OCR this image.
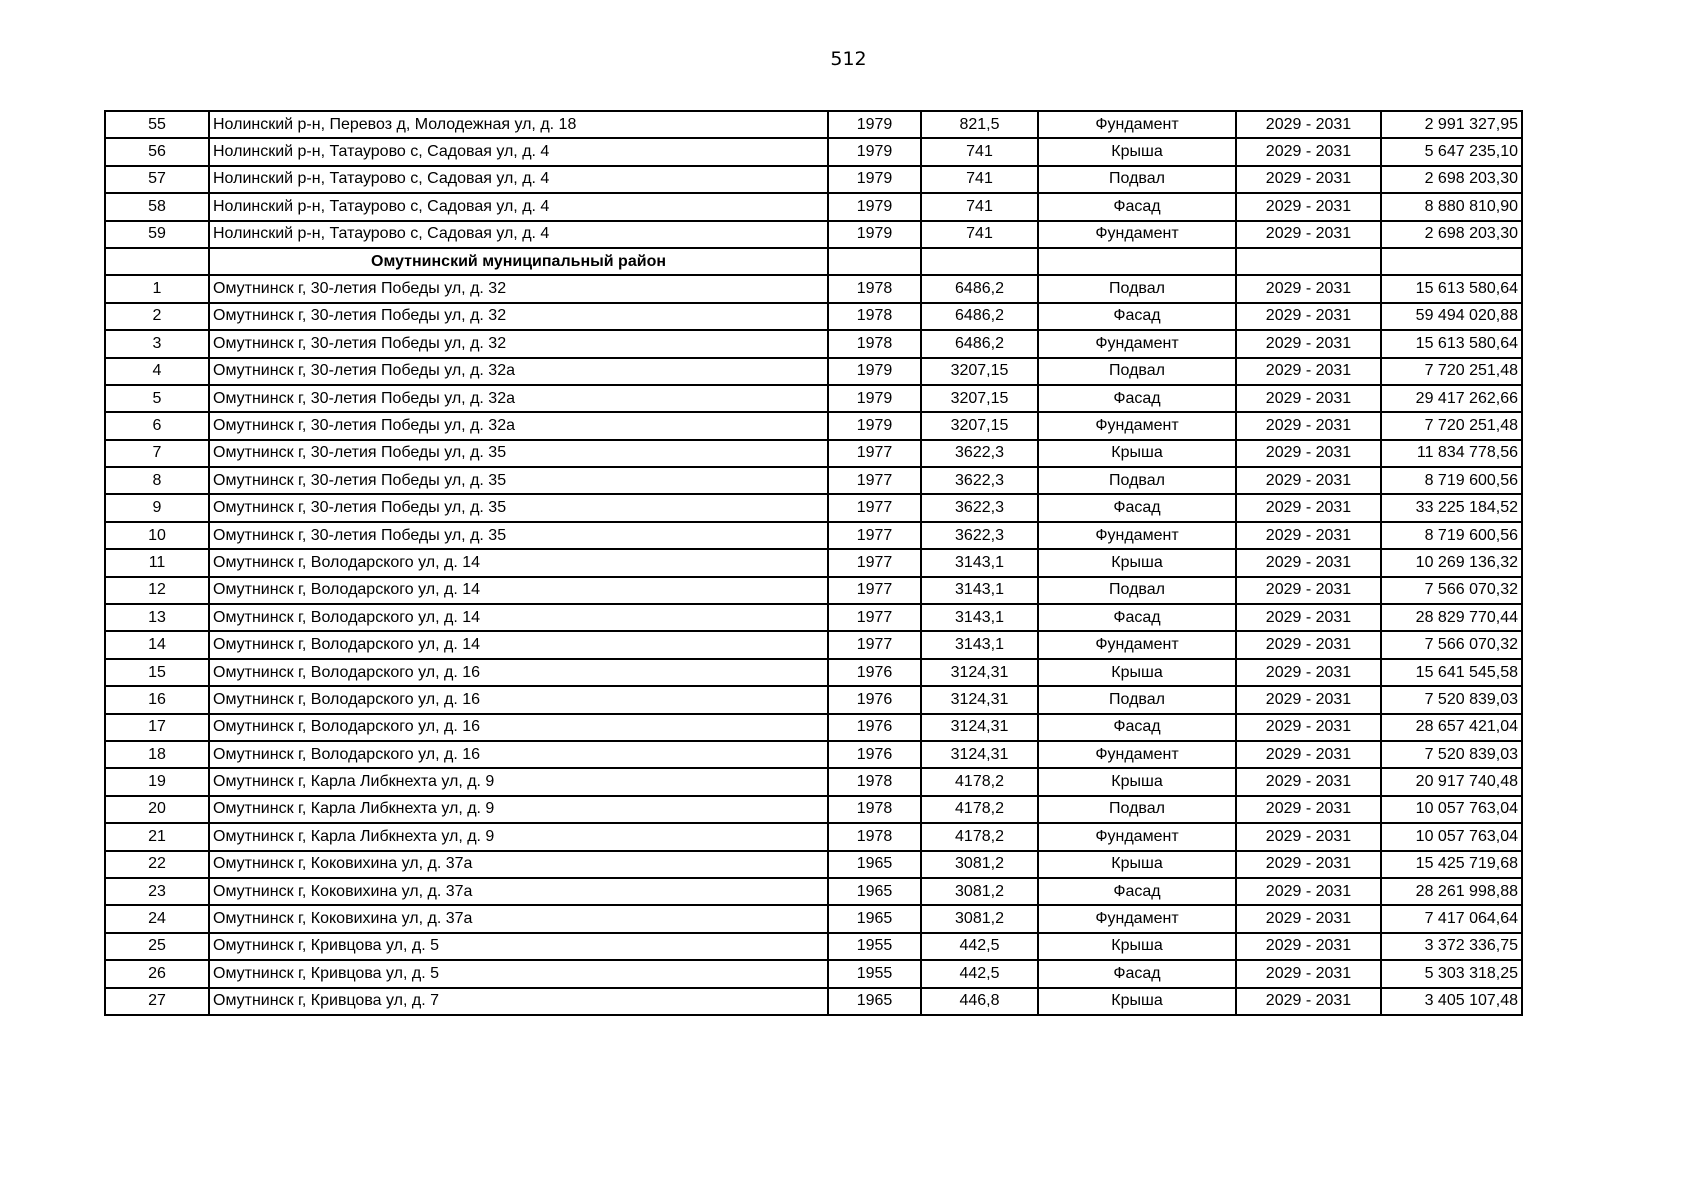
512
55	Нолинский р-н, Перевоз д, Молодежная ул, д. 18	1979	821,5	Фундамент	2029 - 2031	2 991 327,95
56	Нолинский р-н, Татаурово с, Садовая ул, д. 4	1979	741	Крыша	2029 - 2031	5 647 235,10
57	Нолинский р-н, Татаурово с, Садовая ул, д. 4	1979	741	Подвал	2029 - 2031	2 698 203,30
58	Нолинский р-н, Татаурово с, Садовая ул, д. 4	1979	741	Фасад	2029 - 2031	8 880 810,90
59	Нолинский р-н, Татаурово с, Садовая ул, д. 4	1979	741	Фундамент	2029 - 2031	2 698 203,30
	Омутнинский муниципальный район					
1	Омутнинск г, 30-летия Победы ул, д. 32	1978	6486,2	Подвал	2029 - 2031	15 613 580,64
2	Омутнинск г, 30-летия Победы ул, д. 32	1978	6486,2	Фасад	2029 - 2031	59 494 020,88
3	Омутнинск г, 30-летия Победы ул, д. 32	1978	6486,2	Фундамент	2029 - 2031	15 613 580,64
4	Омутнинск г, 30-летия Победы ул, д. 32а	1979	3207,15	Подвал	2029 - 2031	7 720 251,48
5	Омутнинск г, 30-летия Победы ул, д. 32а	1979	3207,15	Фасад	2029 - 2031	29 417 262,66
6	Омутнинск г, 30-летия Победы ул, д. 32а	1979	3207,15	Фундамент	2029 - 2031	7 720 251,48
7	Омутнинск г, 30-летия Победы ул, д. 35	1977	3622,3	Крыша	2029 - 2031	11 834 778,56
8	Омутнинск г, 30-летия Победы ул, д. 35	1977	3622,3	Подвал	2029 - 2031	8 719 600,56
9	Омутнинск г, 30-летия Победы ул, д. 35	1977	3622,3	Фасад	2029 - 2031	33 225 184,52
10	Омутнинск г, 30-летия Победы ул, д. 35	1977	3622,3	Фундамент	2029 - 2031	8 719 600,56
11	Омутнинск г, Володарского ул, д. 14	1977	3143,1	Крыша	2029 - 2031	10 269 136,32
12	Омутнинск г, Володарского ул, д. 14	1977	3143,1	Подвал	2029 - 2031	7 566 070,32
13	Омутнинск г, Володарского ул, д. 14	1977	3143,1	Фасад	2029 - 2031	28 829 770,44
14	Омутнинск г, Володарского ул, д. 14	1977	3143,1	Фундамент	2029 - 2031	7 566 070,32
15	Омутнинск г, Володарского ул, д. 16	1976	3124,31	Крыша	2029 - 2031	15 641 545,58
16	Омутнинск г, Володарского ул, д. 16	1976	3124,31	Подвал	2029 - 2031	7 520 839,03
17	Омутнинск г, Володарского ул, д. 16	1976	3124,31	Фасад	2029 - 2031	28 657 421,04
18	Омутнинск г, Володарского ул, д. 16	1976	3124,31	Фундамент	2029 - 2031	7 520 839,03
19	Омутнинск г, Карла Либкнехта ул, д. 9	1978	4178,2	Крыша	2029 - 2031	20 917 740,48
20	Омутнинск г, Карла Либкнехта ул, д. 9	1978	4178,2	Подвал	2029 - 2031	10 057 763,04
21	Омутнинск г, Карла Либкнехта ул, д. 9	1978	4178,2	Фундамент	2029 - 2031	10 057 763,04
22	Омутнинск г, Коковихина ул, д. 37а	1965	3081,2	Крыша	2029 - 2031	15 425 719,68
23	Омутнинск г, Коковихина ул, д. 37а	1965	3081,2	Фасад	2029 - 2031	28 261 998,88
24	Омутнинск г, Коковихина ул, д. 37а	1965	3081,2	Фундамент	2029 - 2031	7 417 064,64
25	Омутнинск г, Кривцова ул, д. 5	1955	442,5	Крыша	2029 - 2031	3 372 336,75
26	Омутнинск г, Кривцова ул, д. 5	1955	442,5	Фасад	2029 - 2031	5 303 318,25
27	Омутнинск г, Кривцова ул, д. 7	1965	446,8	Крыша	2029 - 2031	3 405 107,48
